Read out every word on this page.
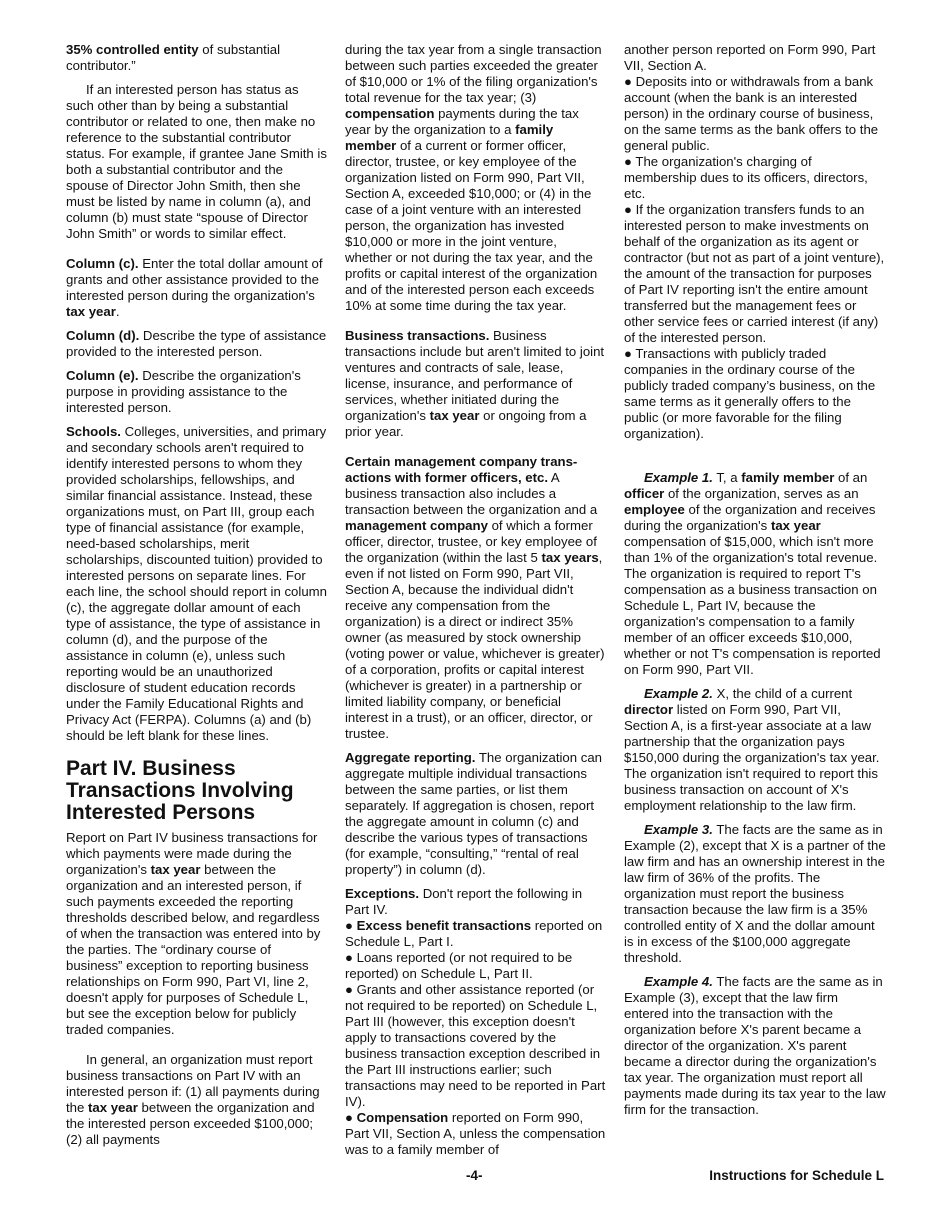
35% controlled entity of substantial contributor.”

If an interested person has status as such other than by being a substantial contributor or related to one, then make no reference to the substantial contributor status. For example, if grantee Jane Smith is both a substantial contributor and the spouse of Director John Smith, then she must be listed by name in column (a), and column (b) must state “spouse of Director John Smith” or words to similar effect.

Column (c). Enter the total dollar amount of grants and other assistance provided to the interested person during the organization's tax year.

Column (d). Describe the type of assistance provided to the interested person.

Column (e). Describe the organization's purpose in providing assistance to the interested person.

Schools. Colleges, universities, and primary and secondary schools aren't required to identify interested persons to whom they provided scholarships, fellowships, and similar financial assistance. Instead, these organizations must, on Part III, group each type of financial assistance (for example, need-based scholarships, merit scholarships, discounted tuition) provided to interested persons on separate lines. For each line, the school should report in column (c), the aggregate dollar amount of each type of assistance, the type of assistance in column (d), and the purpose of the assistance in column (e), unless such reporting would be an unauthorized disclosure of student education records under the Family Educational Rights and Privacy Act (FERPA). Columns (a) and (b) should be left blank for these lines.

Part IV. Business Transactions Involving Interested Persons

Report on Part IV business transactions for which payments were made during the organization's tax year between the organization and an interested person, if such payments exceeded the reporting thresholds described below, and regardless of when the transaction was entered into by the parties. The “ordinary course of business” exception to reporting business relationships on Form 990, Part VI, line 2, doesn't apply for purposes of Schedule L, but see the exception below for publicly traded companies.

In general, an organization must report business transactions on Part IV with an interested person if: (1) all payments during the tax year between the organization and the interested person exceeded $100,000; (2) all payments

during the tax year from a single transaction between such parties exceeded the greater of $10,000 or 1% of the filing organization's total revenue for the tax year; (3) compensation payments during the tax year by the organization to a family member of a current or former officer, director, trustee, or key employee of the organization listed on Form 990, Part VII, Section A, exceeded $10,000; or (4) in the case of a joint venture with an interested person, the organization has invested $10,000 or more in the joint venture, whether or not during the tax year, and the profits or capital interest of the organization and of the interested person each exceeds 10% at some time during the tax year.

Business transactions. Business transactions include but aren't limited to joint ventures and contracts of sale, lease, license, insurance, and performance of services, whether initiated during the organization's tax year or ongoing from a prior year.

Certain management company trans-actions with former officers, etc. A business transaction also includes a transaction between the organization and a management company of which a former officer, director, trustee, or key employee of the organization (within the last 5 tax years, even if not listed on Form 990, Part VII, Section A, because the individual didn't receive any compensation from the organization) is a direct or indirect 35% owner (as measured by stock ownership (voting power or value, whichever is greater) of a corporation, profits or capital interest (whichever is greater) in a partnership or limited liability company, or beneficial interest in a trust), or an officer, director, or trustee.

Aggregate reporting. The organization can aggregate multiple individual transactions between the same parties, or list them separately. If aggregation is chosen, report the aggregate amount in column (c) and describe the various types of transactions (for example, “consulting,” “rental of real property”) in column (d).

Exceptions. Don't report the following in Part IV.

● Excess benefit transactions reported on Schedule L, Part I.

● Loans reported (or not required to be reported) on Schedule L, Part II.

● Grants and other assistance reported (or not required to be reported) on Schedule L, Part III (however, this exception doesn't apply to transactions covered by the business transaction exception described in the Part III instructions earlier; such transactions may need to be reported in Part IV).

● Compensation reported on Form 990, Part VII, Section A, unless the compensation was to a family member of

another person reported on Form 990, Part VII, Section A.

● Deposits into or withdrawals from a bank account (when the bank is an interested person) in the ordinary course of business, on the same terms as the bank offers to the general public.

● The organization's charging of membership dues to its officers, directors, etc.

● If the organization transfers funds to an interested person to make investments on behalf of the organization as its agent or contractor (but not as part of a joint venture), the amount of the transaction for purposes of Part IV reporting isn't the entire amount transferred but the management fees or other service fees or carried interest (if any) of the interested person.

● Transactions with publicly traded companies in the ordinary course of the publicly traded company’s business, on the same terms as it generally offers to the public (or more favorable for the filing organization).

Example 1. T, a family member of an officer of the organization, serves as an employee of the organization and receives during the organization's tax year compensation of $15,000, which isn't more than 1% of the organization's total revenue. The organization is required to report T's compensation as a business transaction on Schedule L, Part IV, because the organization's compensation to a family member of an officer exceeds $10,000, whether or not T's compensation is reported on Form 990, Part VII.

Example 2. X, the child of a current director listed on Form 990, Part VII, Section A, is a first-year associate at a law partnership that the organization pays $150,000 during the organization's tax year. The organization isn't required to report this business transaction on account of X's employment relationship to the law firm.

Example 3. The facts are the same as in Example (2), except that X is a partner of the law firm and has an ownership interest in the law firm of 36% of the profits. The organization must report the business transaction because the law firm is a 35% controlled entity of X and the dollar amount is in excess of the $100,000 aggregate threshold.

Example 4. The facts are the same as in Example (3), except that the law firm entered into the transaction with the organization before X's parent became a director of the organization. X's parent became a director during the organization's tax year. The organization must report all payments made during its tax year to the law firm for the transaction.

-4-	Instructions for Schedule L
